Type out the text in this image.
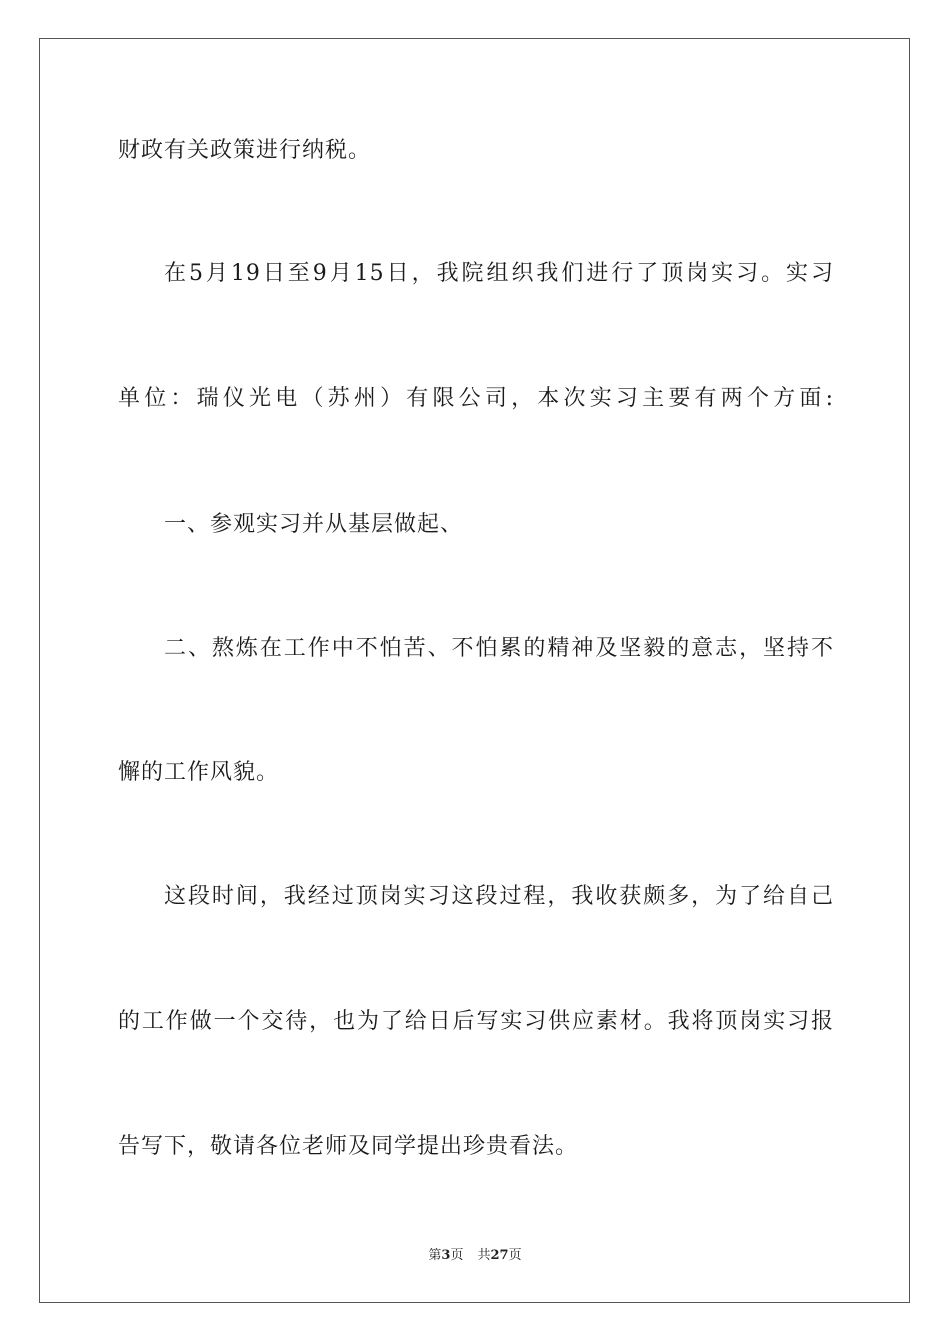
财政有关政策进行纳税。
在5月19日至9月15日，我院组织我们进行了顶岗实习。实习
单位：瑞仪光电（苏州）有限公司，本次实习主要有两个方面:
一、参观实习并从基层做起、
二、熬炼在工作中不怕苦、不怕累的精神及坚毅的意志，坚持不
懈的工作风貌。
这段时间，我经过顶岗实习这段过程，我收获颇多，为了给自己
的工作做一个交待，也为了给日后写实习供应素材。我将顶岗实习报
告写下，敬请各位老师及同学提出珍贵看法。
第3页 共27页
